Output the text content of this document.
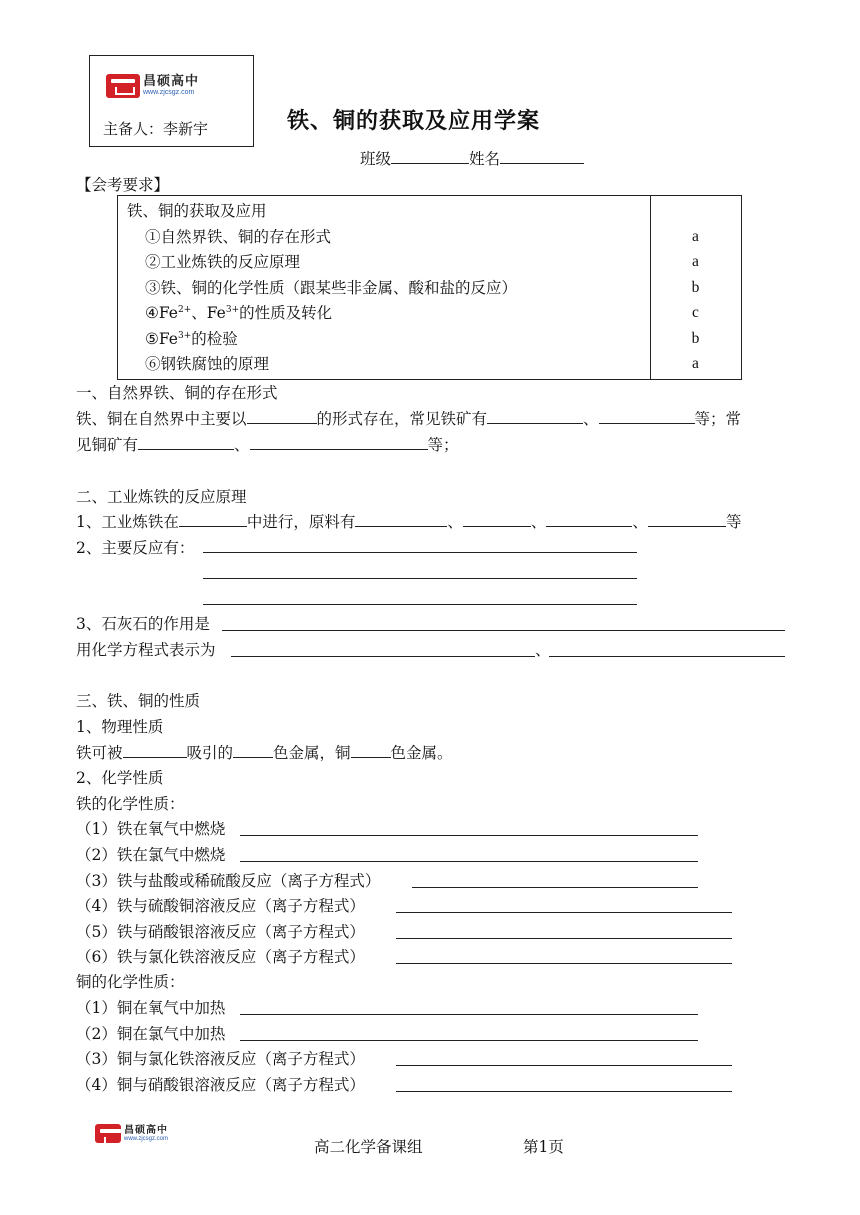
昌硕高中
www.zjcsgz.com
主备人：李新宇	铁、铜的获取及应用学案
班级	姓名
【会考要求】
铁、铜的获取及应用
①自然界铁、铜的存在形式	a
②工业炼铁的反应原理	a
③铁、铜的化学性质（跟某些非金属、酸和盐的反应）	b
$④Fe^{2+}$、$Fe^{3+}$的性质及转化	c
$⑤Fe^{3+}$的检验	b
⑥钢铁腐蚀的原理	a
一、自然界铁、铜的存在形式
铁、铜在自然界中主要以	的形式存在，常见铁矿有	、	等；常
见铜矿有	、	等；
二、工业炼铁的反应原理
1、工业炼铁在	中进行，原料有	、	、	、	等
2、主要反应有：
3、石灰石的作用是
用化学方程式表示为	、
三、铁、铜的性质
1、物理性质
铁可被	吸引的	色金属，铜	色金属。
2、化学性质
铁的化学性质：
（1）铁在氧气中燃烧
（2）铁在氯气中燃烧
（3）铁与盐酸或稀硫酸反应（离子方程式）
（4）铁与硫酸铜溶液反应（离子方程式）
（5）铁与硝酸银溶液反应（离子方程式）
（6）铁与氯化铁溶液反应（离子方程式）
铜的化学性质：
（1）铜在氧气中加热
（2）铜在氯气中加热
（3）铜与氯化铁溶液反应（离子方程式）
（4）铜与硝酸银溶液反应（离子方程式）
昌硕高中
www.zjcsgz.com	高二化学备课组	第1页
